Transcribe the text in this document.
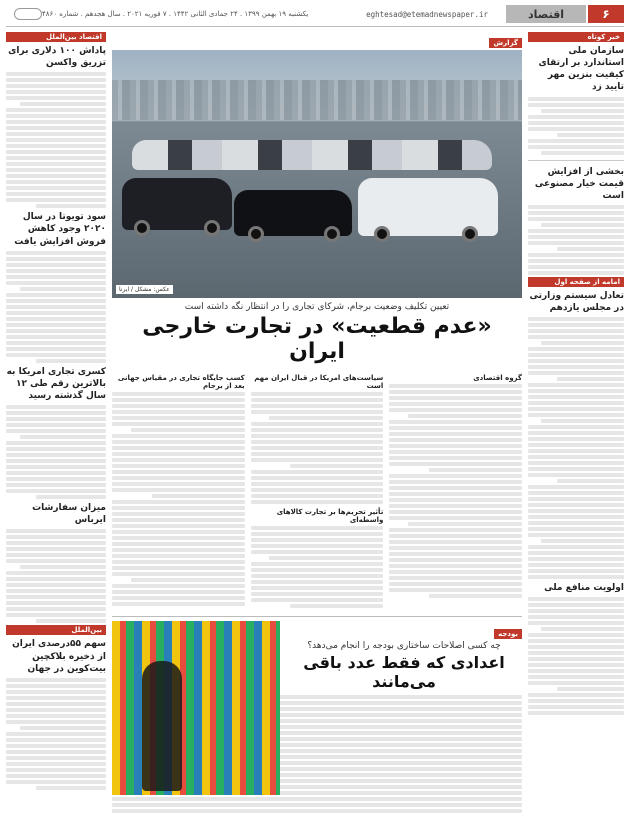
۶
اقتصاد
eghtesad@etemadnewspaper.ir
یکشنبه ۱۹ بهمن ۱۳۹۹ . ۲۴ جمادی الثانی ۱۴۴۲ . ۷ فوریه ۲۰۲۱ . سال هجدهم . شماره ۴۸۶۰
خبر کوتاه
سازمان ملی استاندارد بر ارتقای کیفیت بنزین مهر تایید زد
بخشی از افزایش قیمت خیار مصنوعی است
امامه از صفحه اول
تعادل سیستم وزارتی در مجلس یازدهم
اولویت منافع ملی
اقتصاد بین‌الملل
پاداش ۱۰۰ دلاری برای تزریق واکسن
سود تویوتا در سال ۲۰۲۰ وجود کاهش فروش افزایش یافت
کسری تجاری امریکا به بالاترین رقم طی ۱۲ سال گذشته رسید
میزان سفارشات ایرباس
بین‌الملل
سهم ۵۵درصدی ایران از ذخیره بلاکچین بیت‌کوین در جهان
گزارش
عکس: مشکل / ایرنا
تعیین تکلیف وضعیت برجام، شرکای تجاری را در انتظار نگه داشته است
«عدم قطعیت» در تجارت خارجی ایران
گروه اقتصادی
سیاست‌های امریکا در قبال ایران مهم است
تأثیر تحریم‌ها بر تجارت کالاهای واسطه‌ای
کسب جایگاه تجاری در مقیاس جهانی بعد از برجام
بودجه
چه کسی اصلاحات ساختاری بودجه را انجام می‌دهد؟
اعدادی که فقط عدد باقی می‌مانند
